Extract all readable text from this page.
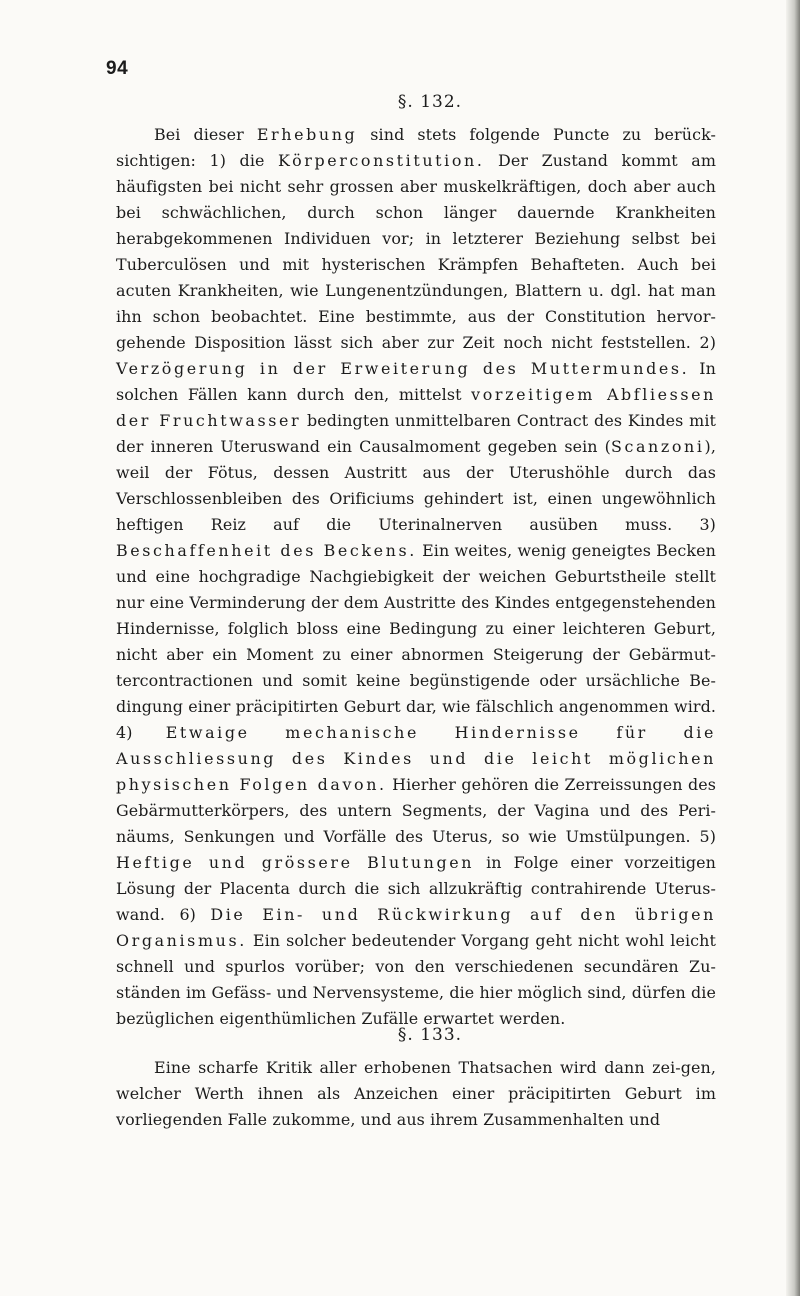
94
§. 132.
Bei dieser Erhebung sind stets folgende Puncte zu berück-sichtigen: 1) die Körperconstitution. Der Zustand kommt am häufigsten bei nicht sehr grossen aber muskelkräftigen, doch aber auch bei schwächlichen, durch schon länger dauernde Krankheiten herabgekommenen Individuen vor; in letzterer Beziehung selbst bei Tuberculösen und mit hysterischen Krämpfen Behafteten. Auch bei acuten Krankheiten, wie Lungenentzündungen, Blattern u. dgl. hat man ihn schon beobachtet. Eine bestimmte, aus der Constitution hervor-gehende Disposition lässt sich aber zur Zeit noch nicht feststellen. 2) Verzögerung in der Erweiterung des Muttermundes. In solchen Fällen kann durch den, mittelst vorzeitigem Abfliessen der Fruchtwasser bedingten unmittelbaren Contract des Kindes mit der inneren Uteruswand ein Causalmoment gegeben sein (Scanzoni), weil der Fötus, dessen Austritt aus der Uterushöhle durch das Verschlossenbleiben des Orificiums gehindert ist, einen ungewöhnlich heftigen Reiz auf die Uterinalnerven ausüben muss. 3) Beschaffenheit des Beckens. Ein weites, wenig geneigtes Becken und eine hochgradige Nachgiebigkeit der weichen Geburtstheile stellt nur eine Verminderung der dem Austritte des Kindes entgegenstehenden Hindernisse, folglich bloss eine Bedingung zu einer leichteren Geburt, nicht aber ein Moment zu einer abnormen Steigerung der Gebärmut-tercontractionen und somit keine begünstigende oder ursächliche Be-dingung einer präcipitirten Geburt dar, wie fälschlich angenommen wird. 4) Etwaige mechanische Hindernisse für die Ausschliessung des Kindes und die leicht möglichen physischen Folgen davon. Hierher gehören die Zerreissungen des Gebärmutterkörpers, des untern Segments, der Vagina und des Peri-näums, Senkungen und Vorfälle des Uterus, so wie Umstülpungen. 5) Heftige und grössere Blutungen in Folge einer vorzeitigen Lösung der Placenta durch die sich allzukräftig contrahirende Uterus-wand. 6) Die Ein- und Rückwirkung auf den übrigen Organismus. Ein solcher bedeutender Vorgang geht nicht wohl leicht schnell und spurlos vorüber; von den verschiedenen secundären Zu-ständen im Gefäss- und Nervensysteme, die hier möglich sind, dürfen die bezüglichen eigenthümlichen Zufälle erwartet werden.
§. 133.
Eine scharfe Kritik aller erhobenen Thatsachen wird dann zei-gen, welcher Werth ihnen als Anzeichen einer präcipitirten Geburt im vorliegenden Falle zukomme, und aus ihrem Zusammenhalten und
